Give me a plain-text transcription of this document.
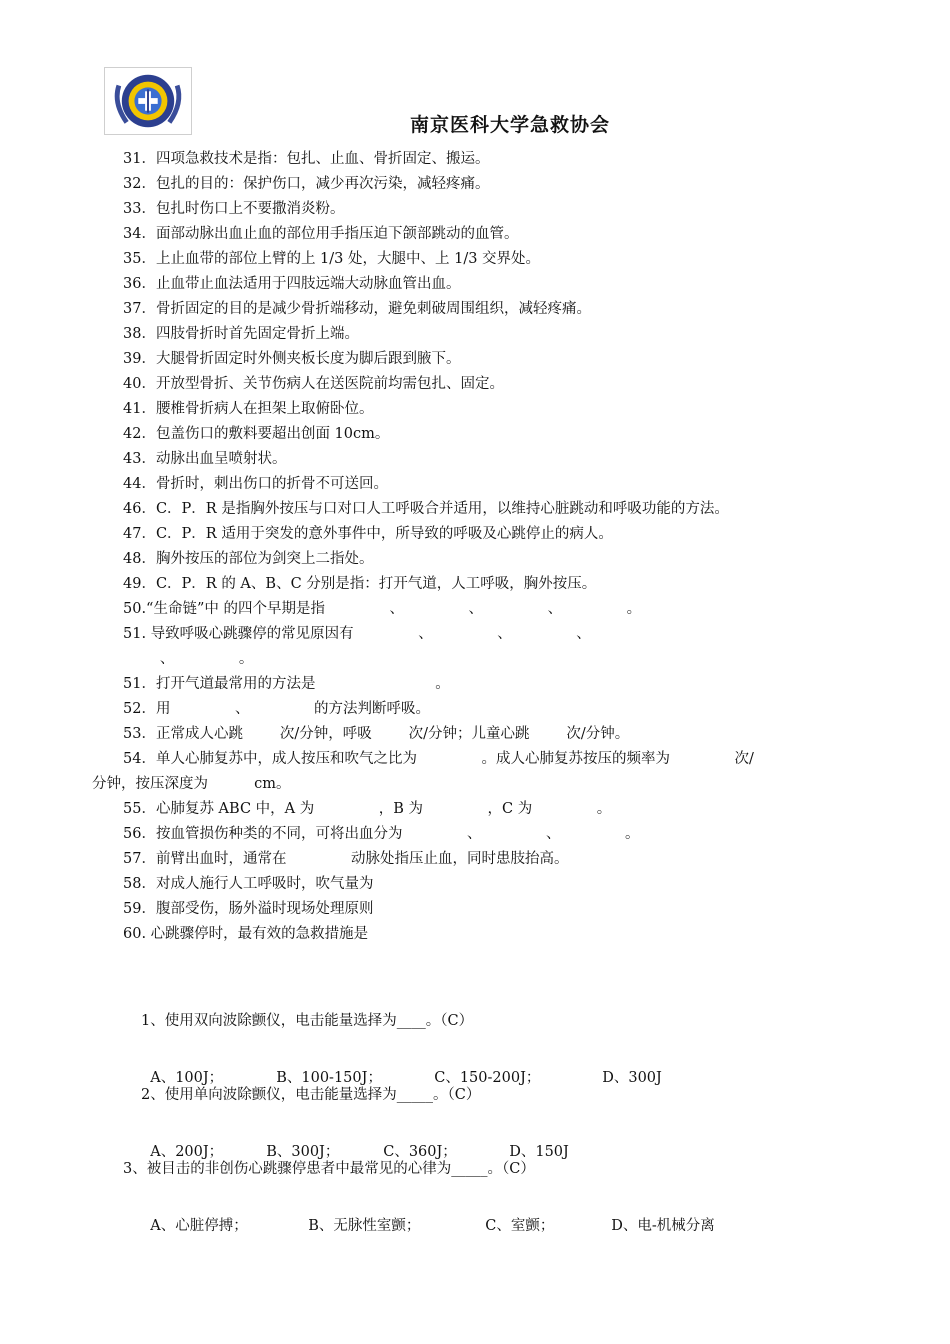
南京医科大学急救协会
31．四项急救技术是指：包扎、止血、骨折固定、搬运。
32．包扎的目的：保护伤口，减少再次污染，减轻疼痛。
33．包扎时伤口上不要撒消炎粉。
34．面部动脉出血止血的部位用手指压迫下颌部跳动的血管。
35．上止血带的部位上臂的上 1/3 处，大腿中、上 1/3 交界处。
36．止血带止血法适用于四肢远端大动脉血管出血。
37．骨折固定的目的是减少骨折端移动，避免刺破周围组织，减轻疼痛。
38．四肢骨折时首先固定骨折上端。
39．大腿骨折固定时外侧夹板长度为脚后跟到腋下。
40．开放型骨折、关节伤病人在送医院前均需包扎、固定。
41．腰椎骨折病人在担架上取俯卧位。
42．包盖伤口的敷料要超出创面 10cm。
43．动脉出血呈喷射状。
44．骨折时，刺出伤口的折骨不可送回。
46．C．P．R 是指胸外按压与口对口人工呼吸合并适用，以维持心脏跳动和呼吸功能的方法。
47．C．P．R 适用于突发的意外事件中，所导致的呼吸及心跳停止的病人。
48．胸外按压的部位为剑突上二指处。
49．C．P．R 的 A、B、C 分别是指：打开气道，人工呼吸，胸外按压。
50.“生命链”中 的四个早期是指              、              、              、              。
51. 导致呼吸心跳骤停的常见原因有              、              、              、
、              。
51．打开气道最常用的方法是                          。
52．用              、              的方法判断呼吸。
53．正常成人心跳        次/分钟，呼吸        次/分钟；儿童心跳        次/分钟。
54．单人心肺复苏中，成人按压和吹气之比为              。成人心肺复苏按压的频率为              次/
分钟，按压深度为          cm。
55．心肺复苏 ABC 中，A 为              ，B 为              ，C 为              。
56．按血管损伤种类的不同，可将出血分为              、              、              。
57．前臂出血时，通常在              动脉处指压止血，同时患肢抬高。
58．对成人施行人工呼吸时，吹气量为
59．腹部受伤，肠外溢时现场处理原则
60. 心跳骤停时，最有效的急救措施是
1、使用双向波除颤仪，电击能量选择为____。（C）

A、100J；	B、100-150J；	C、150-200J；	D、300J

2、使用单向波除颤仪，电击能量选择为_____。（C）

A、200J；	B、300J；	C、360J；	D、150J

3、被目击的非创伤心跳骤停患者中最常见的心律为_____。（C）

A、心脏停搏；	B、无脉性室颤；	C、室颤；	D、电-机械分离
